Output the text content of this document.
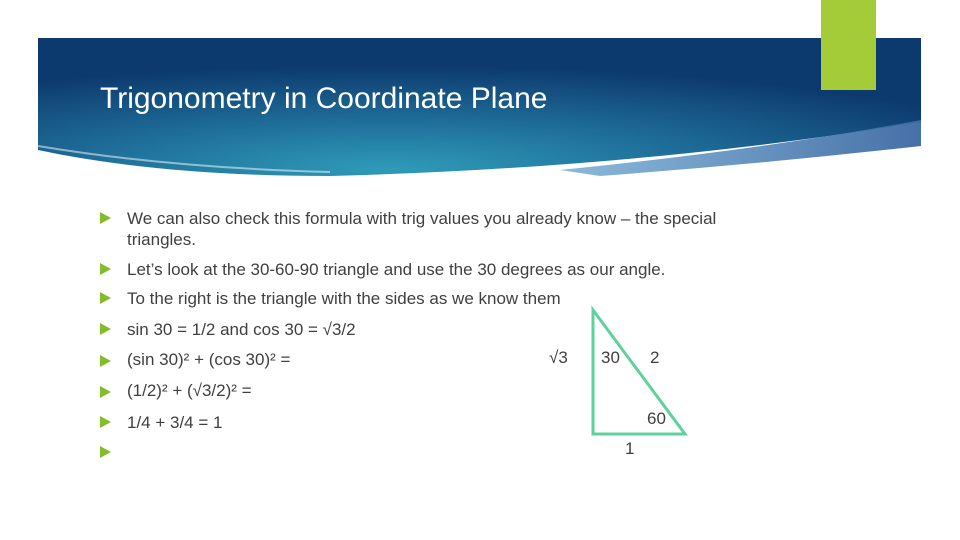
Trigonometry in Coordinate Plane
We can also check this formula with trig values you already know – the special triangles.
Let’s look at the 30-60-90 triangle and use the 30 degrees as our angle.
To the right is the triangle with the sides as we know them
sin 30 = 1/2 and cos 30 = √3/2
(sin 30)² + (cos 30)² =
(1/2)² + (√3/2)² =
1/4 + 3/4 = 1
√3 30 2
60
1
